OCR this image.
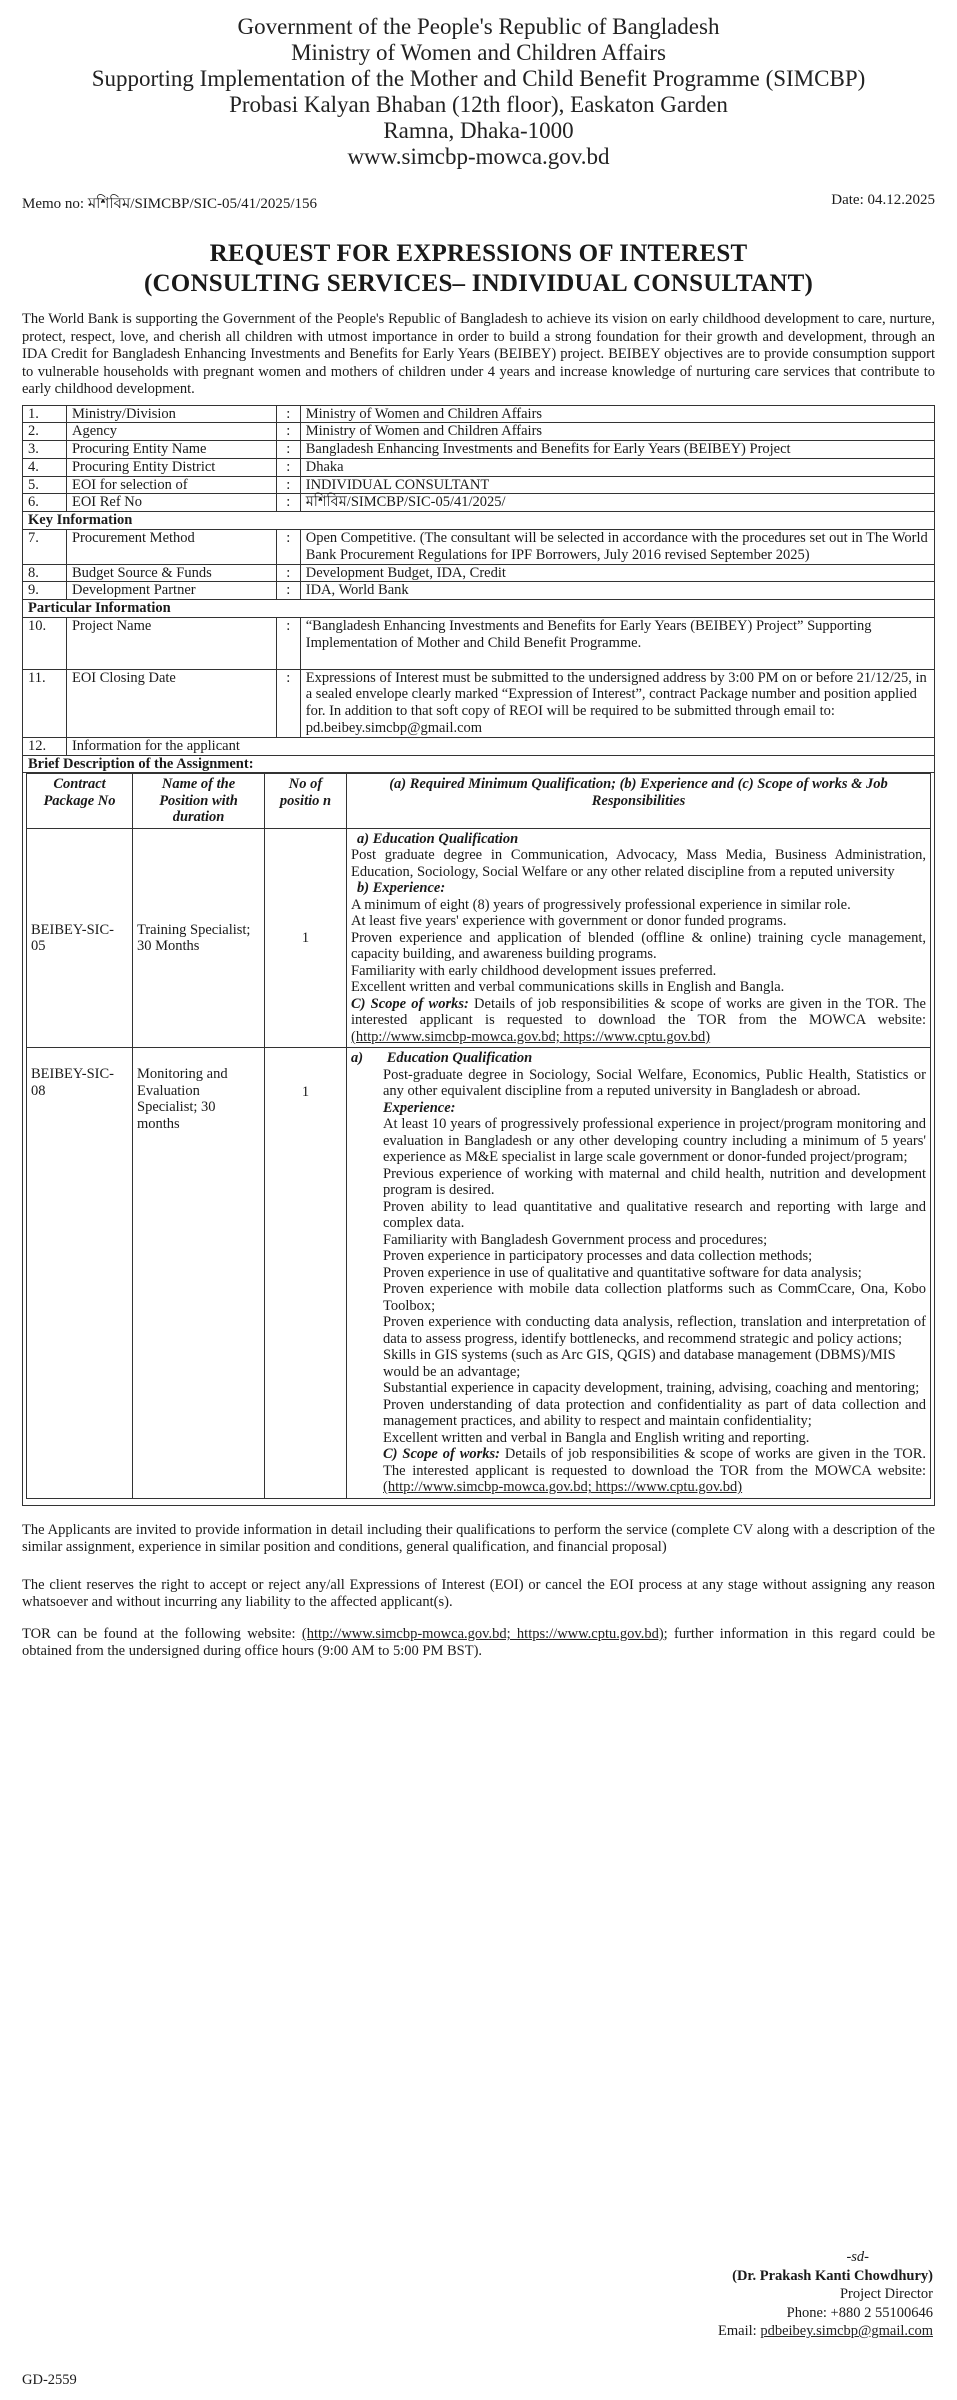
Government of the People's Republic of Bangladesh
Ministry of Women and Children Affairs
Supporting Implementation of the Mother and Child Benefit Programme (SIMCBP)
Probasi Kalyan Bhaban (12th floor), Easkaton Garden
Ramna, Dhaka-1000
www.simcbp-mowca.gov.bd
Memo no: মশিবিম/SIMCBP/SIC-05/41/2025/156	Date: 04.12.2025
REQUEST FOR EXPRESSIONS OF INTEREST
(CONSULTING SERVICES– INDIVIDUAL CONSULTANT)

The World Bank is supporting the Government of the People's Republic of Bangladesh to achieve its vision on early childhood development to care, nurture, protect, respect, love, and cherish all children with utmost importance in order to build a strong foundation for their growth and development, through an IDA Credit for Bangladesh Enhancing Investments and Benefits for Early Years (BEIBEY) project. BEIBEY objectives are to provide consumption support to vulnerable households with pregnant women and mothers of children under 4 years and increase knowledge of nurturing care services that contribute to early childhood development.

1.	Ministry/Division	:	Ministry of Women and Children Affairs
2.	Agency	:	Ministry of Women and Children Affairs
3.	Procuring Entity Name	:	Bangladesh Enhancing Investments and Benefits for Early Years (BEIBEY) Project
4.	Procuring Entity District	:	Dhaka
5.	EOI for selection of	:	INDIVIDUAL CONSULTANT
6.	EOI Ref No	:	মশিবিম/SIMCBP/SIC-05/41/2025/
Key Information
7.	Procurement Method	:	Open Competitive. (The consultant will be selected in accordance with the procedures set out in The World Bank Procurement Regulations for IPF Borrowers, July 2016 revised September 2025)
8.	Budget Source & Funds	:	Development Budget, IDA, Credit
9.	Development Partner	:	IDA, World Bank
Particular Information
10.	Project Name	:	“Bangladesh Enhancing Investments and Benefits for Early Years (BEIBEY) Project” Supporting Implementation of Mother and Child Benefit Programme.
11.	EOI Closing Date	:	Expressions of Interest must be submitted to the undersigned address by 3:00 PM on or before 21/12/25, in a sealed envelope clearly marked “Expression of Interest”, contract Package number and position applied for. In addition to that soft copy of REOI will be required to be submitted through email to: pd.beibey.simcbp@gmail.com
12.	Information for the applicant
Brief Description of the Assignment:

Contract Package No	Name of the Position with duration	No of positio n	(a) Required Minimum Qualification; (b) Experience and (c) Scope of works & Job Responsibilities
BEIBEY-SIC-05	Training Specialist; 30 Months	1	

a) Education Qualification

Post graduate degree in Communication, Advocacy, Mass Media, Business Administration, Education, Sociology, Social Welfare or any other related discipline from a reputed university

b) Experience:

A minimum of eight (8) years of progressively professional experience in similar role.

At least five years' experience with government or donor funded programs.

Proven experience and application of blended (offline & online) training cycle management, capacity building, and awareness building programs.

Familiarity with early childhood development issues preferred.

Excellent written and verbal communications skills in English and Bangla.

C) Scope of works: Details of job responsibilities & scope of works are given in the TOR. The interested applicant is requested to download the TOR from the MOWCA website: (http://www.simcbp-mowca.gov.bd; https://www.cptu.gov.bd)

BEIBEY-SIC-08	Monitoring and Evaluation Specialist; 30 months	1	

a) Education Qualification

Post-graduate degree in Sociology, Social Welfare, Economics, Public Health, Statistics or any other equivalent discipline from a reputed university in Bangladesh or abroad.

Experience:

At least 10 years of progressively professional experience in project/program monitoring and evaluation in Bangladesh or any other developing country including a minimum of 5 years' experience as M&E specialist in large scale government or donor-funded project/program;

Previous experience of working with maternal and child health, nutrition and development program is desired.

Proven ability to lead quantitative and qualitative research and reporting with large and complex data.

Familiarity with Bangladesh Government process and procedures;

Proven experience in participatory processes and data collection methods;

Proven experience in use of qualitative and quantitative software for data analysis;

Proven experience with mobile data collection platforms such as CommCcare, Ona, Kobo Toolbox;

Proven experience with conducting data analysis, reflection, translation and interpretation of data to assess progress, identify bottlenecks, and recommend strategic and policy actions;

Skills in GIS systems (such as Arc GIS, QGIS) and database management (DBMS)/MIS

would be an advantage;

Substantial experience in capacity development, training, advising, coaching and mentoring;

Proven understanding of data protection and confidentiality as part of data collection and management practices, and ability to respect and maintain confidentiality;

Excellent written and verbal in Bangla and English writing and reporting.

C) Scope of works: Details of job responsibilities & scope of works are given in the TOR. The interested applicant is requested to download the TOR from the MOWCA website: (http://www.simcbp-mowca.gov.bd; https://www.cptu.gov.bd)

The Applicants are invited to provide information in detail including their qualifications to perform the service (complete CV along with a description of the similar assignment, experience in similar position and conditions, general qualification, and financial proposal)

The client reserves the right to accept or reject any/all Expressions of Interest (EOI) or cancel the EOI process at any stage without assigning any reason whatsoever and without incurring any liability to the affected applicant(s).

TOR can be found at the following website: (http://www.simcbp-mowca.gov.bd; https://www.cptu.gov.bd); further information in this regard could be obtained from the undersigned during office hours (9:00 AM to 5:00 PM BST).

-sd-
(Dr. Prakash Kanti Chowdhury)
Project Director
Phone: +880 2 55100646
Email: pdbeibey.simcbp@gmail.com
GD-2559
